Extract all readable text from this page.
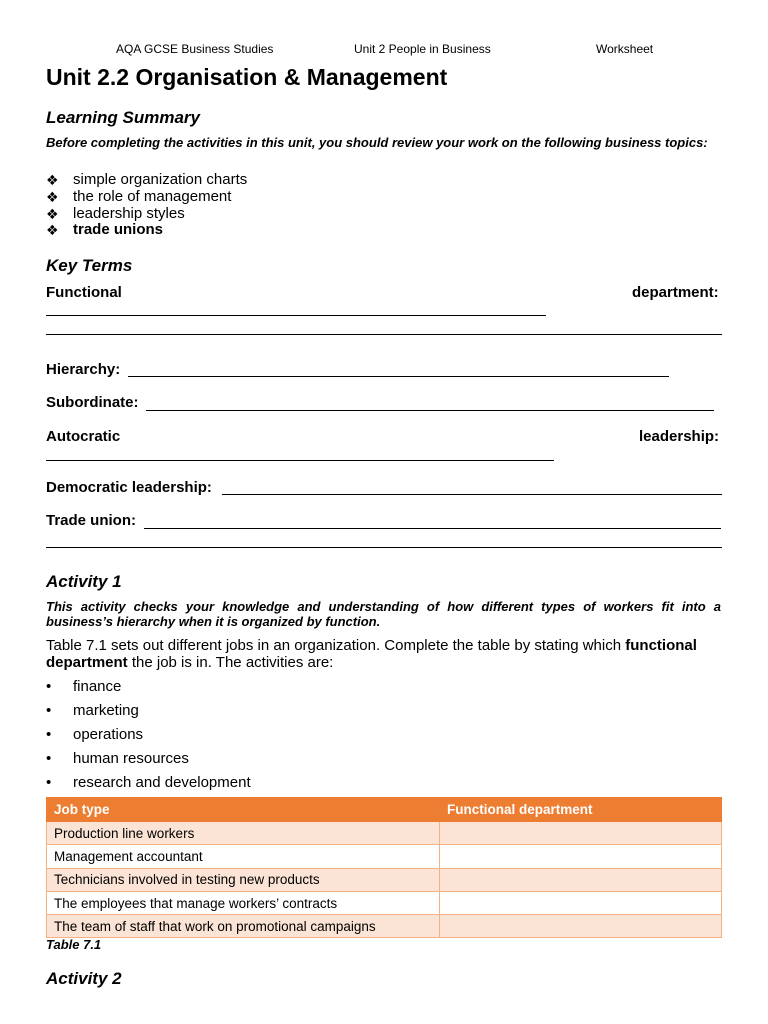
AQA GCSE Business Studies	Unit 2 People in Business	Worksheet
Unit 2.2 Organisation & Management
Learning Summary
Before completing the activities in this unit, you should review your work on the following business topics:
❖ simple organization charts
❖ the role of management
❖ leadership styles
❖ trade unions
Key Terms
Functional	department:
Hierarchy:
Subordinate:
Autocratic	leadership:
Democratic leadership:
Trade union:
Activity 1
This activity checks your knowledge and understanding of how different types of workers fit into a business’s hierarchy when it is organized by function.
Table 7.1 sets out different jobs in an organization. Complete the table by stating which functional department the job is in. The activities are:
• finance
• marketing
• operations
• human resources
• research and development
Job type	Functional department
Production line workers	
Management accountant	
Technicians involved in testing new products	
The employees that manage workers’ contracts	
The team of staff that work on promotional campaigns	
Table 7.1
Activity 2
